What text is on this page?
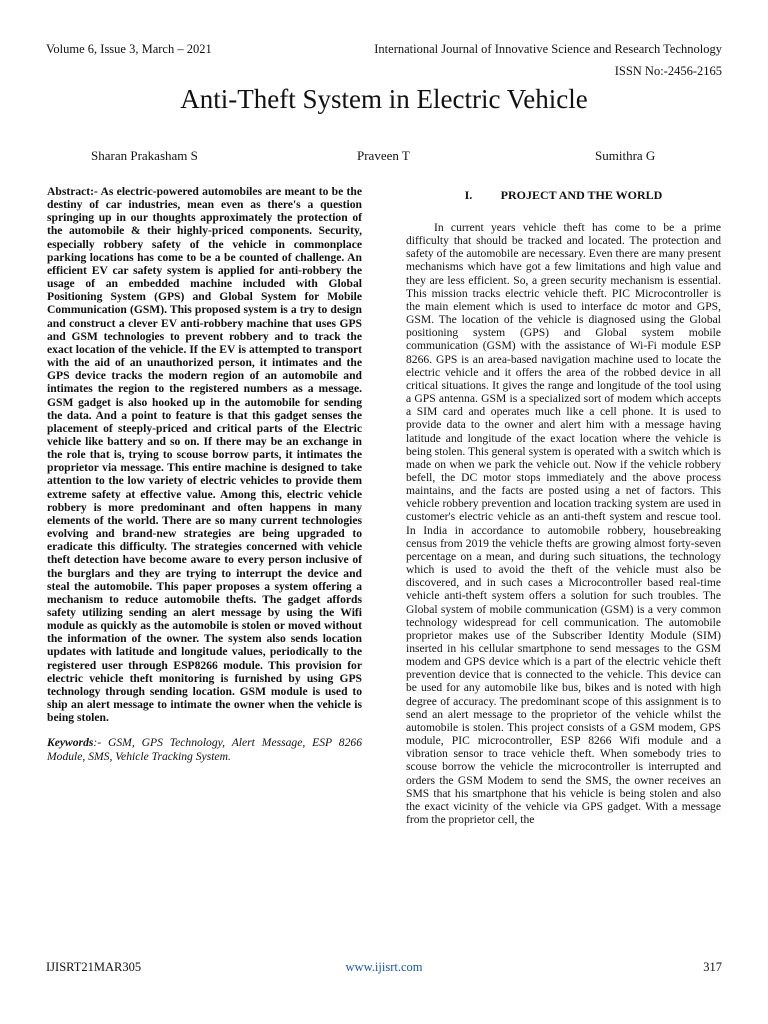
Volume 6, Issue 3, March – 2021	International Journal of Innovative Science and Research Technology
ISSN No:-2456-2165
Anti-Theft System in Electric Vehicle
Sharan Prakasham S	Praveen T	Sumithra G

Abstract:- As electric-powered automobiles are meant to be the destiny of car industries, mean even as there's a question springing up in our thoughts approximately the protection of the automobile & their highly-priced components. Security, especially robbery safety of the vehicle in commonplace parking locations has come to be a be counted of challenge. An efficient EV car safety system is applied for anti-robbery the usage of an embedded machine included with Global Positioning System (GPS) and Global System for Mobile Communication (GSM). This proposed system is a try to design and construct a clever EV anti-robbery machine that uses GPS and GSM technologies to prevent robbery and to track the exact location of the vehicle. If the EV is attempted to transport with the aid of an unauthorized person, it intimates and the GPS device tracks the modern region of an automobile and intimates the region to the registered numbers as a message. GSM gadget is also hooked up in the automobile for sending the data. And a point to feature is that this gadget senses the placement of steeply-priced and critical parts of the Electric vehicle like battery and so on. If there may be an exchange in the role that is, trying to scouse borrow parts, it intimates the proprietor via message. This entire machine is designed to take attention to the low variety of electric vehicles to provide them extreme safety at effective value. Among this, electric vehicle robbery is more predominant and often happens in many elements of the world. There are so many current technologies evolving and brand-new strategies are being upgraded to eradicate this difficulty. The strategies concerned with vehicle theft detection have become aware to every person inclusive of the burglars and they are trying to interrupt the device and steal the automobile. This paper proposes a system offering a mechanism to reduce automobile thefts. The gadget affords safety utilizing sending an alert message by using the Wifi module as quickly as the automobile is stolen or moved without the information of the owner. The system also sends location updates with latitude and longitude values, periodically to the registered user through ESP8266 module. This provision for electric vehicle theft monitoring is furnished by using GPS technology through sending location. GSM module is used to ship an alert message to intimate the owner when the vehicle is being stolen.

Keywords:- GSM, GPS Technology, Alert Message, ESP 8266 Module, SMS, Vehicle Tracking System.

I. PROJECT AND THE WORLD

In current years vehicle theft has come to be a prime difficulty that should be tracked and located. The protection and safety of the automobile are necessary. Even there are many present mechanisms which have got a few limitations and high value and they are less efficient. So, a green security mechanism is essential. This mission tracks electric vehicle theft. PIC Microcontroller is the main element which is used to interface dc motor and GPS, GSM. The location of the vehicle is diagnosed using the Global positioning system (GPS) and Global system mobile communication (GSM) with the assistance of Wi-Fi module ESP 8266. GPS is an area-based navigation machine used to locate the electric vehicle and it offers the area of the robbed device in all critical situations. It gives the range and longitude of the tool using a GPS antenna. GSM is a specialized sort of modem which accepts a SIM card and operates much like a cell phone. It is used to provide data to the owner and alert him with a message having latitude and longitude of the exact location where the vehicle is being stolen. This general system is operated with a switch which is made on when we park the vehicle out. Now if the vehicle robbery befell, the DC motor stops immediately and the above process maintains, and the facts are posted using a net of factors. This vehicle robbery prevention and location tracking system are used in customer's electric vehicle as an anti-theft system and rescue tool. In India in accordance to automobile robbery, housebreaking census from 2019 the vehicle thefts are growing almost forty-seven percentage on a mean, and during such situations, the technology which is used to avoid the theft of the vehicle must also be discovered, and in such cases a Microcontroller based real-time vehicle anti-theft system offers a solution for such troubles. The Global system of mobile communication (GSM) is a very common technology widespread for cell communication. The automobile proprietor makes use of the Subscriber Identity Module (SIM) inserted in his cellular smartphone to send messages to the GSM modem and GPS device which is a part of the electric vehicle theft prevention device that is connected to the vehicle. This device can be used for any automobile like bus, bikes and is noted with high degree of accuracy. The predominant scope of this assignment is to send an alert message to the proprietor of the vehicle whilst the automobile is stolen. This project consists of a GSM modem, GPS module, PIC microcontroller, ESP 8266 Wifi module and a vibration sensor to trace vehicle theft. When somebody tries to scouse borrow the vehicle the microcontroller is interrupted and orders the GSM Modem to send the SMS, the owner receives an SMS that his smartphone that his vehicle is being stolen and also the exact vicinity of the vehicle via GPS gadget. With a message from the proprietor cell, the

IJISRT21MAR305	www.ijisrt.com	317
